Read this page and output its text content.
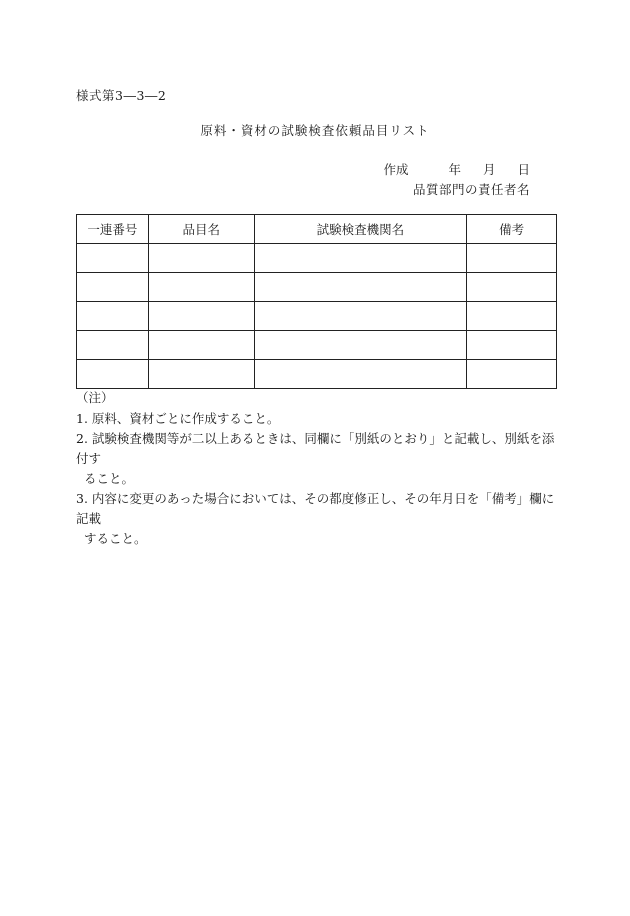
様式第3―3―2
原料・資材の試験検査依頼品目リスト
作成	年 月 日
品質部門の責任者名
一連番号	品目名	試験検査機関名	備考

（注）
1. 原料、資材ごとに作成すること。
2. 試験検査機関等が二以上あるときは、同欄に「別紙のとおり」と記載し、別紙を添付す
ること。
3. 内容に変更のあった場合においては、その都度修正し、その年月日を「備考」欄に記載
すること。
